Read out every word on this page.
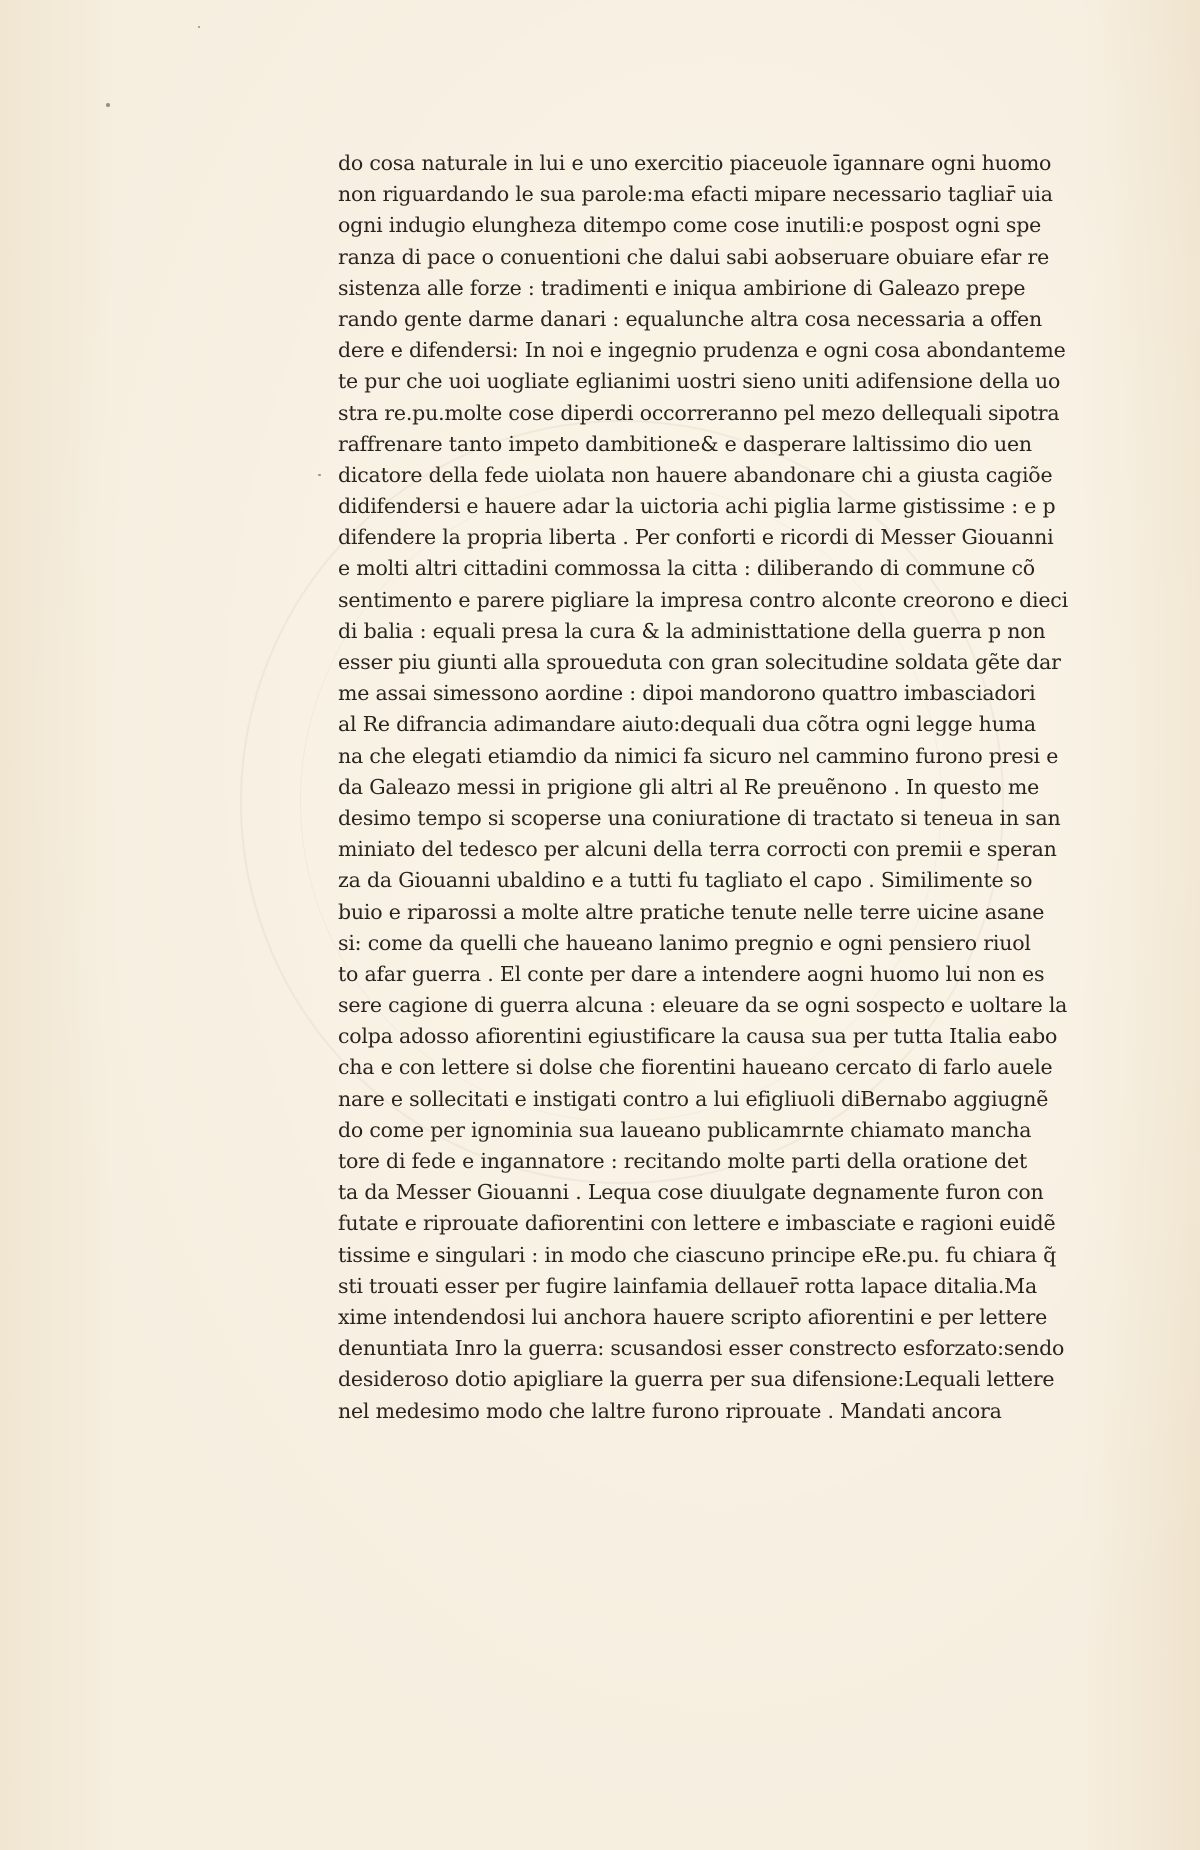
do cosa naturale in lui e uno exercitio piaceuole īgannare ogni huomo
non riguardando le sua parole:ma efacti mipare necessario tagliar̄ uia
ogni indugio elungheza ditempo come cose inutili:e pospost ogni spe
ranza di pace o conuentioni che dalui sabi aobseruare obuiare efar re
sistenza alle forze : tradimenti e iniqua ambirione di Galeazo prepe
rando gente darme danari : equalunche altra cosa necessaria a offen
dere e difendersi: In noi e ingegnio prudenza e ogni cosa abondanteme
te pur che uoi uogliate eglianimi uostri sieno uniti adifensione della uo
stra re.pu.molte cose diperdi occorreranno pel mezo dellequali sipotra
raffrenare tanto impeto dambitione& e dasperare laltissimo dio uen
dicatore della fede uiolata non hauere abandonare chi a giusta cagiõe
didifendersi e hauere adar la uictoria achi piglia larme gistissime : e p
difendere la propria liberta . Per conforti e ricordi di Messer Giouanni
e molti altri cittadini commossa la citta : diliberando di commune cõ
sentimento e parere pigliare la impresa contro alconte creorono e dieci
di balia : equali presa la cura & la administtatione della guerra p non
esser piu giunti alla sproueduta con gran solecitudine soldata gẽte dar
me assai simessono aordine : dipoi mandorono quattro imbasciadori
al Re difrancia adimandare aiuto:dequali dua cõtra ogni legge huma
na che elegati etiamdio da nimici fa sicuro nel cammino furono presi e
da Galeazo messi in prigione gli altri al Re preuẽnono . In questo me
desimo tempo si scoperse una coniuratione di tractato si teneua in san
miniato del tedesco per alcuni della terra corrocti con premii e speran
za da Giouanni ubaldino e a tutti fu tagliato el capo . Similimente so
buio e riparossi a molte altre pratiche tenute nelle terre uicine asane
si: come da quelli che haueano lanimo pregnio e ogni pensiero riuol
to afar guerra . El conte per dare a intendere aogni huomo lui non es
sere cagione di guerra alcuna : eleuare da se ogni sospecto e uoltare la
colpa adosso afiorentini egiustificare la causa sua per tutta Italia eabo
cha e con lettere si dolse che fiorentini haueano cercato di farlo auele
nare e sollecitati e instigati contro a lui efigliuoli diBernabo aggiugnẽ
do come per ignominia sua laueano publicamrnte chiamato mancha
tore di fede e ingannatore : recitando molte parti della oratione det
ta da Messer Giouanni . Lequa cose diuulgate degnamente furon con
futate e riprouate dafiorentini con lettere e imbasciate e ragioni euidẽ
tissime e singulari : in modo che ciascuno principe eRe.pu. fu chiara q̃
sti trouati esser per fugire lainfamia dellauer̄ rotta lapace ditalia.Ma
xime intendendosi lui anchora hauere scripto afiorentini e per lettere
denuntiata Inro la guerra: scusandosi esser constrecto esforzato:sendo
desideroso dotio apigliare la guerra per sua difensione:Lequali lettere
nel medesimo modo che laltre furono riprouate . Mandati ancora
